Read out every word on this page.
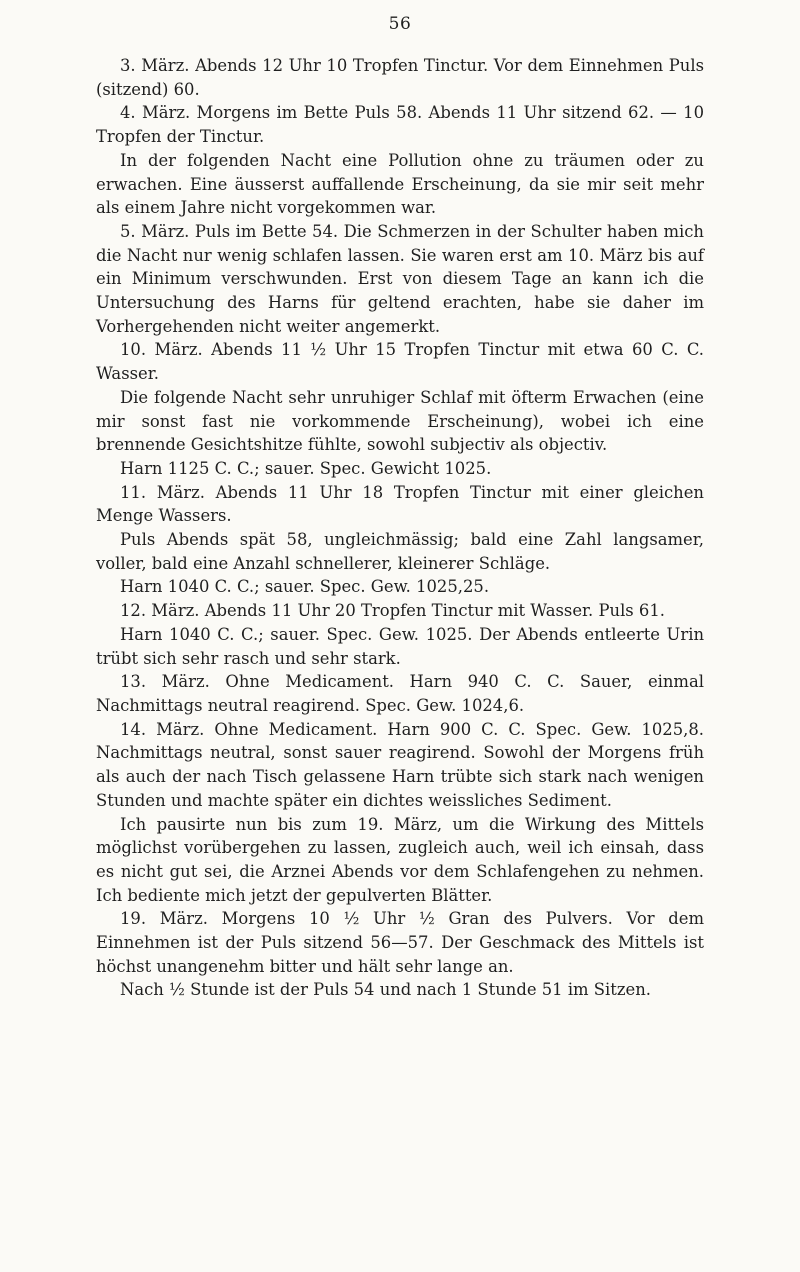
56

3. März. Abends 12 Uhr 10 Tropfen Tinctur. Vor dem Einnehmen Puls (sitzend) 60.

4. März. Morgens im Bette Puls 58. Abends 11 Uhr sitzend 62. — 10 Tropfen der Tinctur.

In der folgenden Nacht eine Pollution ohne zu träumen oder zu erwachen. Eine äusserst auffallende Erscheinung, da sie mir seit mehr als einem Jahre nicht vorgekommen war.

5. März. Puls im Bette 54. Die Schmerzen in der Schulter haben mich die Nacht nur wenig schlafen lassen. Sie waren erst am 10. März bis auf ein Minimum verschwunden. Erst von diesem Tage an kann ich die Untersuchung des Harns für geltend erachten, habe sie daher im Vorhergehenden nicht weiter angemerkt.

10. März. Abends 11 ½ Uhr 15 Tropfen Tinctur mit etwa 60 C. C. Wasser.

Die folgende Nacht sehr unruhiger Schlaf mit öfterm Erwachen (eine mir sonst fast nie vorkommende Erscheinung), wobei ich eine brennende Gesichtshitze fühlte, sowohl subjectiv als objectiv.

Harn 1125 C. C.; sauer. Spec. Gewicht 1025.

11. März. Abends 11 Uhr 18 Tropfen Tinctur mit einer gleichen Menge Wassers.

Puls Abends spät 58, ungleichmässig; bald eine Zahl langsamer, voller, bald eine Anzahl schnellerer, kleinerer Schläge.

Harn 1040 C. C.; sauer. Spec. Gew. 1025,25.

12. März. Abends 11 Uhr 20 Tropfen Tinctur mit Wasser. Puls 61.

Harn 1040 C. C.; sauer. Spec. Gew. 1025. Der Abends entleerte Urin trübt sich sehr rasch und sehr stark.

13. März. Ohne Medicament. Harn 940 C. C. Sauer, einmal Nachmittags neutral reagirend. Spec. Gew. 1024,6.

14. März. Ohne Medicament. Harn 900 C. C. Spec. Gew. 1025,8. Nachmittags neutral, sonst sauer reagirend. Sowohl der Morgens früh als auch der nach Tisch gelassene Harn trübte sich stark nach wenigen Stunden und machte später ein dichtes weissliches Sediment.

Ich pausirte nun bis zum 19. März, um die Wirkung des Mittels möglichst vorübergehen zu lassen, zugleich auch, weil ich einsah, dass es nicht gut sei, die Arznei Abends vor dem Schlafengehen zu nehmen. Ich bediente mich jetzt der gepulverten Blätter.

19. März. Morgens 10 ½ Uhr ½ Gran des Pulvers. Vor dem Einnehmen ist der Puls sitzend 56—57. Der Geschmack des Mittels ist höchst unangenehm bitter und hält sehr lange an.

Nach ½ Stunde ist der Puls 54 und nach 1 Stunde 51 im Sitzen.
